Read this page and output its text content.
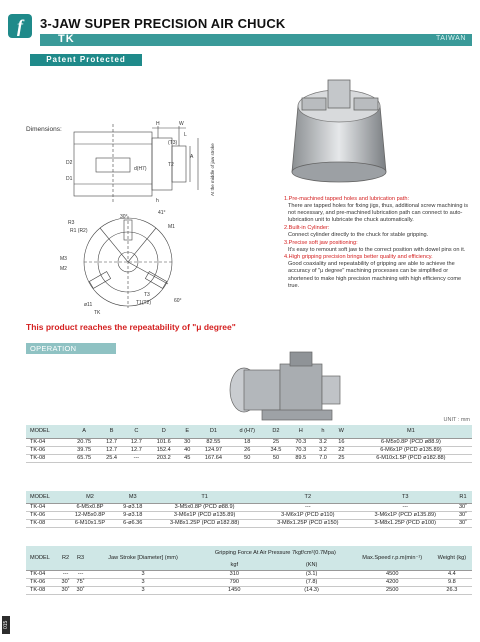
f	3-JAW SUPER PRECISION AIR CHUCK
TK	TAIWAN
Patent Protected
Dimensions:
H	W
L
(T3)
T2
D2
D1
A
d(H7)
h
At the middle of jaw stroke
41°
30°
R3
R1 (R2)
M1
M3
M2
T3
T1(T2)	60°
ø11
TK
1.Pre-machined tapped holes and lubrication path:
There are tapped holes for fixing jigs, thus, additional screw machining is not necessary, and pre-machined lubrication path can connect to auto-lubrication unit to lubricate the chuck automatically.
2.Built-in Cylinder:
Connect cylinder directly to the chuck for stable gripping.
3.Precise soft jaw positioning:
It's easy to remount soft jaw to the correct position with dowel pins on it.
4.High gripping precision brings better quality and efficiency.
Good coaxiality and repeatability of gripping are able to achieve the accuracy of "μ degree" machining processes can be simplified or shortened to make high precision machining with high efficiency come true.
This product reaches the repeatability of "μ degree"
OPERATION EXAMPLE
UNIT : mm
MODEL	A	B	C	D	E	D1	d (H7)	D2	H	h	W	M1
TK-04	20.75	12.7	12.7	101.6	30	82.55	18	25	70.3	3.2	16	6-M5x0.8P (PCD ø88.9)
TK-06	39.75	12.7	12.7	152.4	40	124.97	26	34.5	70.3	3.2	22	6-M6x1P (PCD ø135.89)
TK-08	65.75	25.4	---	203.2	45	167.64	50	50	89.5	7.0	25	6-M10x1.5P (PCD ø182.88)
MODEL	M2	M3	T1	T2	T3	R1
TK-04	6-M5x0.8P	9-ø3.18	3-M5x0.8P (PCD ø88.9)	---	---	30˚
TK-06	12-M5x0.8P	9-ø3.18	3-M6x1P (PCD ø135.89)	3-M6x1P (PCD ø110)	3-M6x1P (PCD ø135.89)	30˚
TK-08	6-M10x1.5P	6-ø6.36	3-M8x1.25P (PCD ø182.88)	3-M8x1.25P (PCD ø150)	3-M8x1.25P (PCD ø100)	30˚
MODEL	R2	R3	Jaw Stroke [Diameter] (mm)	Gripping Force At Air Pressure 7kgf/cm²(0.7Mpa)		Max.Speed r.p.m(min⁻¹)	Weight (kg)
				kgf	(KN)		
TK-04	---	---	3	310	(3.1)	4500	4.4
TK-06	30˚	75˚	3	790	(7.8)	4200	9.8
TK-08	30˚	30˚	3	1450	(14.3)	2500	26.3
015
